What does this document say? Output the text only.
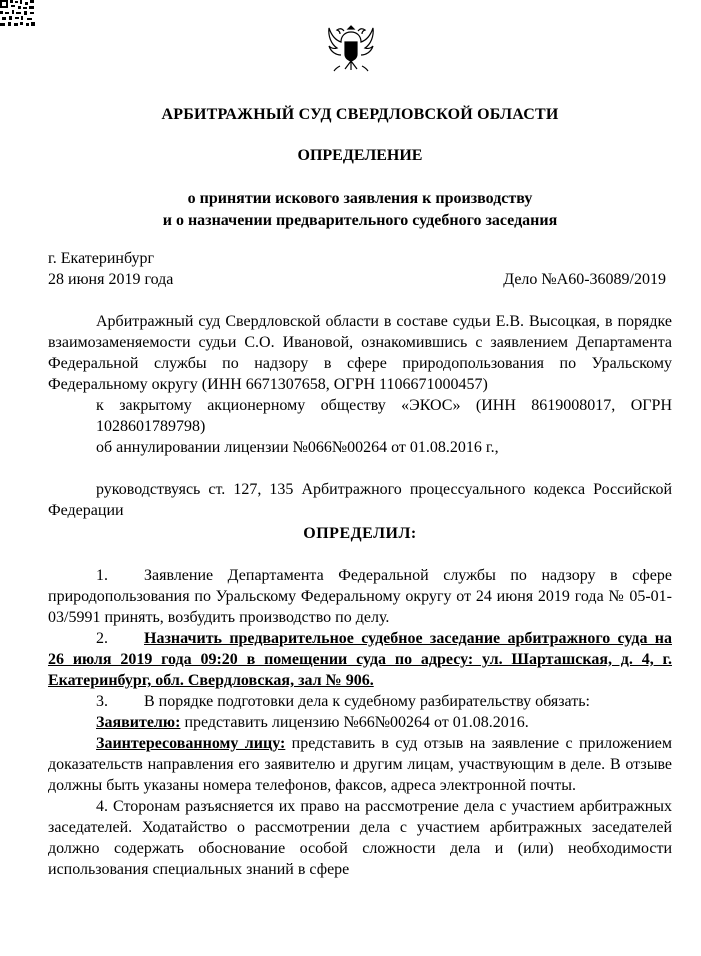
АРБИТРАЖНЫЙ СУД СВЕРДЛОВСКОЙ ОБЛАСТИ
ОПРЕДЕЛЕНИЕ
о принятии искового заявления к производству
и о назначении предварительного судебного заседания
г. Екатеринбург
28 июня 2019 года	Дело №А60-36089/2019

Арбитражный суд Свердловской области в составе судьи Е.В. Высоцкая, в порядке взаимозаменяемости судьи С.О. Ивановой, ознакомившись с заявлением Департамента Федеральной службы по надзору в сфере природопользования по Уральскому Федеральному округу (ИНН 6671307658, ОГРН 1106671000457)

к закрытому акционерному обществу «ЭКОС» (ИНН 8619008017, ОГРН 1028601789798)

об аннулировании лицензии №066№00264 от 01.08.2016 г.,

руководствуясь ст. 127, 135 Арбитражного процессуального кодекса Российской Федерации

ОПРЕДЕЛИЛ:

1. Заявление Департамента Федеральной службы по надзору в сфере природопользования по Уральскому Федеральному округу от 24 июня 2019 года № 05-01-03/5991 принять, возбудить производство по делу.

2. Назначить предварительное судебное заседание арбитражного суда на 26 июля 2019 года 09:20 в помещении суда по адресу: ул. Шарташская, д. 4, г. Екатеринбург, обл. Свердловская, зал № 906.

3. В порядке подготовки дела к судебному разбирательству обязать:

Заявителю: представить лицензию №66№00264 от 01.08.2016.

Заинтересованному лицу: представить в суд отзыв на заявление с приложением доказательств направления его заявителю и другим лицам, участвующим в деле. В отзыве должны быть указаны номера телефонов, факсов, адреса электронной почты.

4. Сторонам разъясняется их право на рассмотрение дела с участием арбитражных заседателей. Ходатайство о рассмотрении дела с участием арбитражных заседателей должно содержать обоснование особой сложности дела и (или) необходимости использования специальных знаний в сфере
